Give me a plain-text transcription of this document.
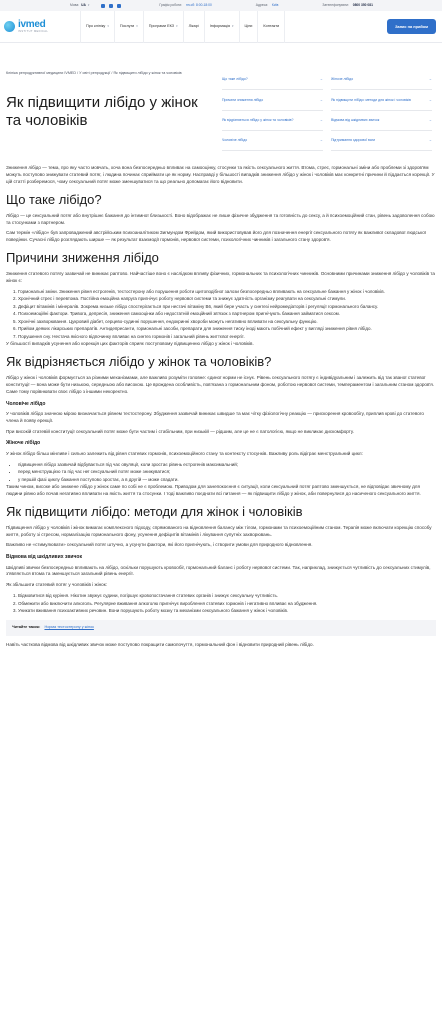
Мова: UA ▾	Графік роботи: пн-сб: 8:00-18:00	Адреса: Київ	Зателефонувати: 0800 350 081
ivmed
INSTITUT MEDICAL
Про клініку ▾	Послуги ▾	Програми ЕКЗ ▾	Лікарі	Інформація ▾	Ціни	Контакти	Запис на прийом
Клініка репродуктивної медицини IVMED / У світі репродукції / Як підвищити лібідо у жінок та чоловіків
Що таке лібідо?	→ Жіноче лібідо	→
Причини зниження лібідо	→ Як підвищити лібідо: методи для жінок і чоловіків	→
Як відрізняється лібідо у жінок та чоловіків?	→ Відмова від шкідливих звичок	→
Чоловіче лібідо	→ Підтримання здорової ваги	→
Як підвищити лібідо у жінок та чоловіків

Зниження лібідо — тема, про яку часто мовчать, хоча вона безпосередньо впливає на самооцінку, стосунки та якість сексуального життя. Втома, стрес, гормональні зміни або проблеми зі здоров'ям можуть поступово знижувати статевий потяг, і людина починає сприймати це як норму. Насправді у більшості випадків зниження лібідо у жінок і чоловіків має конкретні причини й піддається корекції. У цій статті розберемося, чому сексуальний потяг може зменшуватися та що реально допомагає його відновити.

Що таке лібідо?

Лібідо — це сексуальний потяг або внутрішнє бажання до інтимної близькості. Воно відображає не лише фізичне збудження та готовність до сексу, а й психоемоційний стан, рівень задоволення собою та стосунками з партнером.

Сам термін «лібідо» був запроваджений австрійським психоаналітиком Зигмундом Фрейдом, який використовував його для позначення енергії сексуального потягу як важливої складової людської поведінки. Сучасні лібідо розглядають ширше — як результат взаємодії гормонів, нервової системи, психологічних чинників і загального стану здоров'я.

Причини зниження лібідо

Зниження статевого потягу зазвичай не виникає раптово. Найчастіше воно є наслідком впливу фізичних, гормональних та психологічних чинників. Основними причинами зниження лібідо у чоловіків та жінок є:

1. Гормональні зміни. Зниження рівня естрогенів, тестостерону або порушення роботи щитоподібної залози безпосередньо впливають на сексуальне бажання у жінок і чоловіків.
2. Хронічний стрес і перевтома. Постійна емоційна напруга пригнічує роботу нервової системи та знижує здатність організму реагувати на сексуальні стимули.
3. Дефіцит вітамінів і мінералів. Зокрема низьке лібідо спостерігається при нестачі вітаміну В6, який бере участь у синтезі нейромедіаторів і регуляції гормонального балансу.
4. Психоемоційні фактори. Тривога, депресія, зниження самооцінки або недостатній емоційний зв'язок з партнером пригнічують бажання займатися сексом.
5. Хронічні захворювання. Цукровий діабет, серцево-судинні порушення, ендокринні хвороби можуть негативно впливати на сексуальну функцію.
6. Прийом деяких лікарських препаратів. Антидепресанти, гормональні засоби, препарати для зниження тиску іноді мають побічний ефект у вигляді зниження рівня лібідо.
7. Порушення сну. Нестача якісного відпочинку впливає на синтез гормонів і загальний рівень життєвої енергії.

У більшості випадків усунення або корекція цих факторів сприяє поступовому підвищенню лібідо у жінок і чоловіків.

Як відрізняється лібідо у жінок та чоловіків?

Лібідо у жінок і чоловіків формується за різними механізмами, але важливо розуміти головне: єдиної норми не існує. Рівень сексуального потягу є індивідуальним і залежить від так званої статевої конституції — вона може бути низькою, середньою або високою. Це врождена особливість, пов'язана з гормональним фоном, роботою нервової системи, темпераментом і загальним станом здоров'я. Саме тому порівнювати своє лібідо з іншими некоректно.

Чоловіче лібідо

У чоловіків лібідо значною мірою визначається рівнем тестостерону. Збудження зазвичай виникає швидше та має чітку фізіологічну реакцію — прискорення кровообігу, приплив крові до статевого члена й появу ерекції.

При високій статевій конституції сексуальний потяг може бути частим і стабільним, при низькій — рідшим, але це не є патологією, якщо не викликає дискомфорту.

Жіноче лібідо

У жінок лібідо більш мінливе і сильно залежить від рівня статевих гормонів, психоемоційного стану та контексту стосунків. Важливу роль відіграє менструальний цикл:

• підвищення лібідо зазвичай відбувається під час овуляції, коли зростає рівень естрогенів максимальний;
• перед менструацією та під час неї сексуальний потяг може знижуватися;
• у першій фазі циклу бажання поступово зростає, а в другій — може спадати.

Таким чином, високе або знижене лібідо у жінок саме по собі не є проблемою. Приводом для занепокоєння є ситуації, коли сексуальний потяг раптово зменшується, не відповідає звичному для людини рівню або почав негативно впливати на якість життя та стосунки. І тоді важливо поєднати всі питання — як підвищити лібідо у жінок, аби повернулися до насиченого сексуального життя.

Як підвищити лібідо: методи для жінок і чоловіків

Підвищення лібідо у чоловіків і жінок вимагає комплексного підходу, спрямованого на відновлення балансу між тілом, гормонами та психоемоційним станом. Терапія може включати корекцію способу життя, роботу зі стресом, нормалізацію гормонального фону, усунення дефіцитів вітамінів і лікування супутніх захворювань.

Важливо не «стимулювати» сексуальний потяг штучно, а усунути фактори, які його пригнічують, і створити умови для природного відновлення.

Відмова від шкідливих звичок

Шкідливі звички безпосередньо впливають на лібідо, оскільки порушують кровообіг, гормональний баланс і роботу нервової системи. Так, наприклад, знижується чутливість до сексуальних стимулів, з'являється втома та зменшується загальний рівень енергії.

Як збільшити статевий потяг у чоловіків і жінок:

1. Відмовитися від куріння. Нікотин звужує судини, погіршує кровопостачання статевих органів і знижує сексуальну чутливість.
2. Обмежити або виключити алкоголь. Регулярне вживання алкоголю пригнічує вироблення статевих гормонів і негативно впливає на збудження.
3. Уникати вживання психоактивних речовин. Вони порушують роботу мозку та механізми сексуального бажання у жінок і чоловіків.
Читайте також: Норма тестостерону у жінок

Навіть часткова відмова від шкідливих звичок може поступово покращити самопочуття, гормональний фон і відновити природний рівень лібідо.
